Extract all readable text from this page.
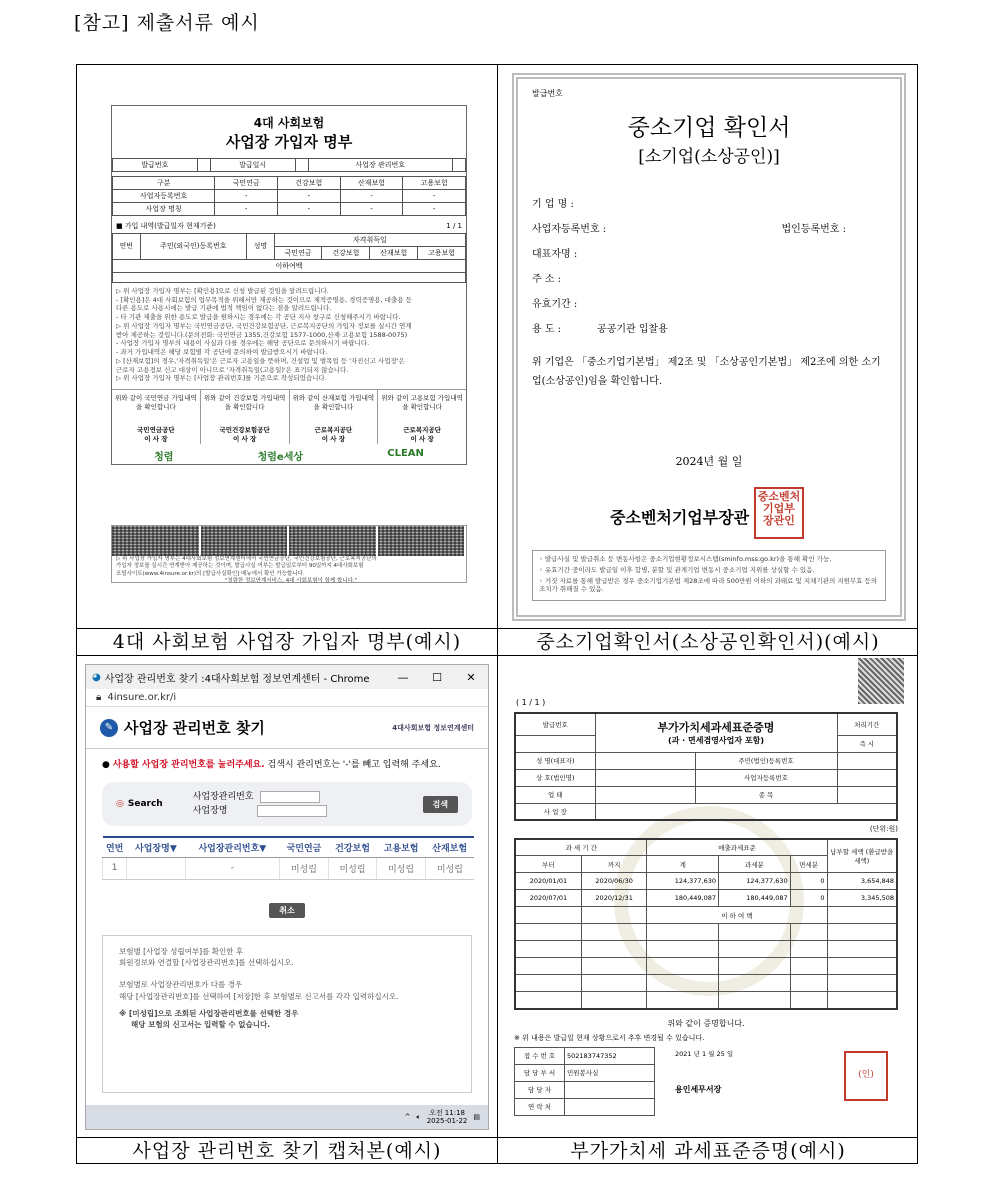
[참고] 제출서류 예시
4대 사회보험
사업장 가입자 명부
발급번호		발급일시		사업장 관리번호	
구분	국민연금	건강보험	산재보험	고용보험
사업자등록번호	-	-	-	-
사업장 명칭	-	-	-	-
■ 가입 내역(발급일자 현재기준)	1 / 1
연번	주민(외국인)등록번호	성명	자격취득일			
			국민연금	건강보험	산재보험	고용보험
이하여백						

▷ 위 사업장 가입자 명부는 [확인용]으로 신청 발급된 것임을 알려드립니다.
- [확인용]은 4대 사회보험의 업무목적을 위해서만 제공하는 것이므로 제적증명용, 경력증명용, 대출용 등
다른 용도로 사용시에는 발급 기관에 법적 책임이 없다는 점을 알려드립니다.
- 타 기관 제출을 위한 용도로 발급을 원하시는 경우에는 각 공단 지사 창구로 신청해주시기 바랍니다.
▷ 위 사업장 가입자 명부는 국민연금공단, 국민건강보험공단, 근로복지공단의 가입자 정보를 실시간 연계
받아 제공하는 것입니다.(문의전화: 국민연금 1355,건강보험 1577-1000,산재·고용보험 1588-0075)
- 사업장 가입자 명부의 내용이 사실과 다를 경우에는 해당 공단으로 문의하시기 바랍니다.
- 과거 가입내역은 해당 보험별 각 공단에 문의하여 발급받으시기 바랍니다.
▷ [산재보험]의 경우,'자격취득일'은 근로자 고용일을 뜻하며, 건설업 및 벌목업 등 '자진신고 사업장'은
근로자 고용정보 신고 대상이 아니므로 '자격취득일(고용일)'은 표기되지 않습니다.
▷ 위 사업장 가입자 명부는 [사업장 관리번호]를 기준으로 작성되었습니다.
위와 같이 국민연금 가입내역을 확인합니다
국민연금공단
이 사 장
위와 같이 건강보험 가입내역을 확인합니다
국민건강보험공단
이 사 장
위와 같이 산재보험 가입내역을 확인합니다
근로복지공단
이 사 장
위와 같이 고용보험 가입내역을 확인합니다
근로복지공단
이 사 장
청렴	청렴e세상	CLEAN
▷ 위 사업장 가입자 명부는 4대사회보험 정보연계센터에서 국민연금공단, 국민건강보험공단, 근로복지공단의
가입자 정보를 실시간 연계받아 제공하는 것이며, 발급사실 여부는 발급일로부터 90일까지 4대사회보험
포털사이트(www.4insure.or.kr)의 [발급사실확인] 메뉴에서 확인 가능합니다.
"청렴한 정보연계서비스, 4대 사회보험이 함께 합니다."
발급번호
중소기업 확인서
[소기업(소상공인)]
기 업 명 :
사업자등록번호 :	법인등록번호 :
대표자명 :
주 소 :
유효기간 :
용 도 :	공공기관 입찰용
위 기업은 「중소기업기본법」 제2조 및 「소상공인기본법」 제2조에 의한 소기업(소상공인)임을 확인합니다.
2024년 월 일
중소벤처기업부장관
중소벤처 기업부 장관인
◦ 발급사실 및 발급취소 등 변동사항은 중소기업현황정보시스템(sminfo.mss.go.kr)을 통해 확인 가능.
◦ 유효기간 중이라도 발급일 이후 합병, 분할 및 관계기업 변동시 중소기업 지위를 상실할 수 있음.
◦ 거짓 자료를 통해 발급받은 경우 중소기업기본법 제28조에 따라 500만원 이하의 과태료 및 지체기관의 지원무효 등의 조치가 취해질 수 있음.
4대 사회보험 사업장 가입자 명부(예시)	중소기업확인서(소상공인확인서)(예시)
◕ 사업장 관리번호 찾기 :4대사회보험 정보연계센터 - Chrome	—	☐	✕
🔒︎ 4insure.or.kr/i
✎ 사업장 관리번호 찾기	4대사회보험 정보연계센터
● 사용할 사업장 관리번호를 눌러주세요. 검색시 관리번호는 '-'를 빼고 입력해 주세요.
◎ Search
사업장관리번호
사업장명
검색
연번	사업장명▼	사업장관리번호▼	국민연금	건강보험	고용보험	산재보험
1		-	미성립	미성립	미성립	미성립
취소
보험별 [사업장 성립여부]를 확인한 후
회원정보와 연결할 [사업장관리번호]를 선택하십시오.

보험별로 사업장관리번호가 다를 경우
해당 [사업장관리번호]를 선택하여 [저장]한 후 보험별로 신고서를 각각 입력하십시오.
※ [미성립]으로 조회된 사업장관리번호를 선택한 경우
해당 보험의 신고서는 입력할 수 없습니다.
^ 🔈︎	오전 11:18
2025-01-22 ▤
( 1 / 1 )
발급번호	부가가치세과세표준증명
(과 · 면세겸영사업자 포함)		처리기간
			즉 시
성 명(대표자)		주민(법인)등록번호	
상 호(법인명)		사업자등록번호	
업 태		종 목	
사 업 장			
(단위:원)
과 세 기 간		매출과세표준			납부할 세액 (환급받을 세액)
부터	까지	계	과세분	면세분	
2020/01/01	2020/06/30	124,377,630	124,377,630	0	3,654,848
2020/07/01	2020/12/31	180,449,087	180,449,087	0	3,345,508
		이 하 여 백			

위와 같이 증명합니다.
※ 위 내용은 발급일 현재 상황으로서 추후 변경될 수 있습니다.
접 수 번 호	502183747352	2021 년 1 월 25 일
용인세무서장
(인)

담 당 부 서	민원봉사실	
담 당 자		
연 락 처		
사업장 관리번호 찾기 캡처본(예시)	부가가치세 과세표준증명(예시)
